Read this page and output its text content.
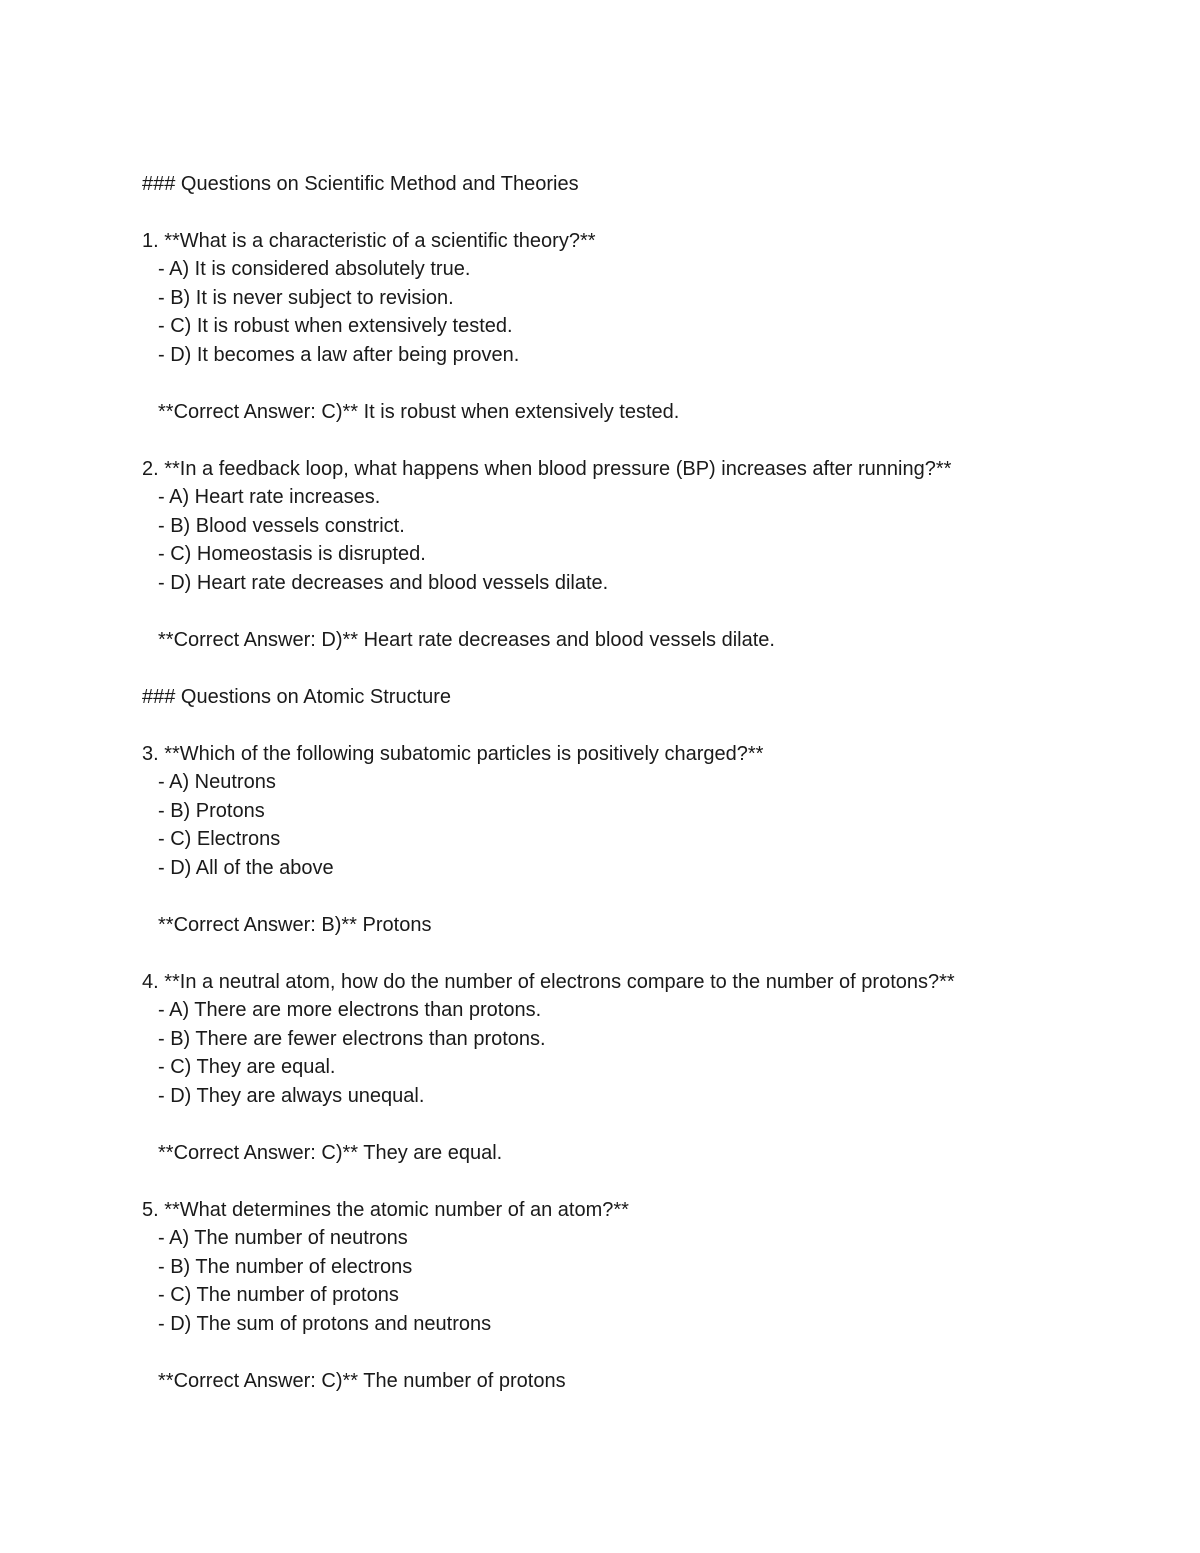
### Questions on Scientific Method and Theories
1. **What is a characteristic of a scientific theory?**
- A) It is considered absolutely true.
- B) It is never subject to revision.
- C) It is robust when extensively tested.
- D) It becomes a law after being proven.
**Correct Answer: C)** It is robust when extensively tested.
2. **In a feedback loop, what happens when blood pressure (BP) increases after running?**
- A) Heart rate increases.
- B) Blood vessels constrict.
- C) Homeostasis is disrupted.
- D) Heart rate decreases and blood vessels dilate.
**Correct Answer: D)** Heart rate decreases and blood vessels dilate.
### Questions on Atomic Structure
3. **Which of the following subatomic particles is positively charged?**
- A) Neutrons
- B) Protons
- C) Electrons
- D) All of the above
**Correct Answer: B)** Protons
4. **In a neutral atom, how do the number of electrons compare to the number of protons?**
- A) There are more electrons than protons.
- B) There are fewer electrons than protons.
- C) They are equal.
- D) They are always unequal.
**Correct Answer: C)** They are equal.
5. **What determines the atomic number of an atom?**
- A) The number of neutrons
- B) The number of electrons
- C) The number of protons
- D) The sum of protons and neutrons
**Correct Answer: C)** The number of protons
